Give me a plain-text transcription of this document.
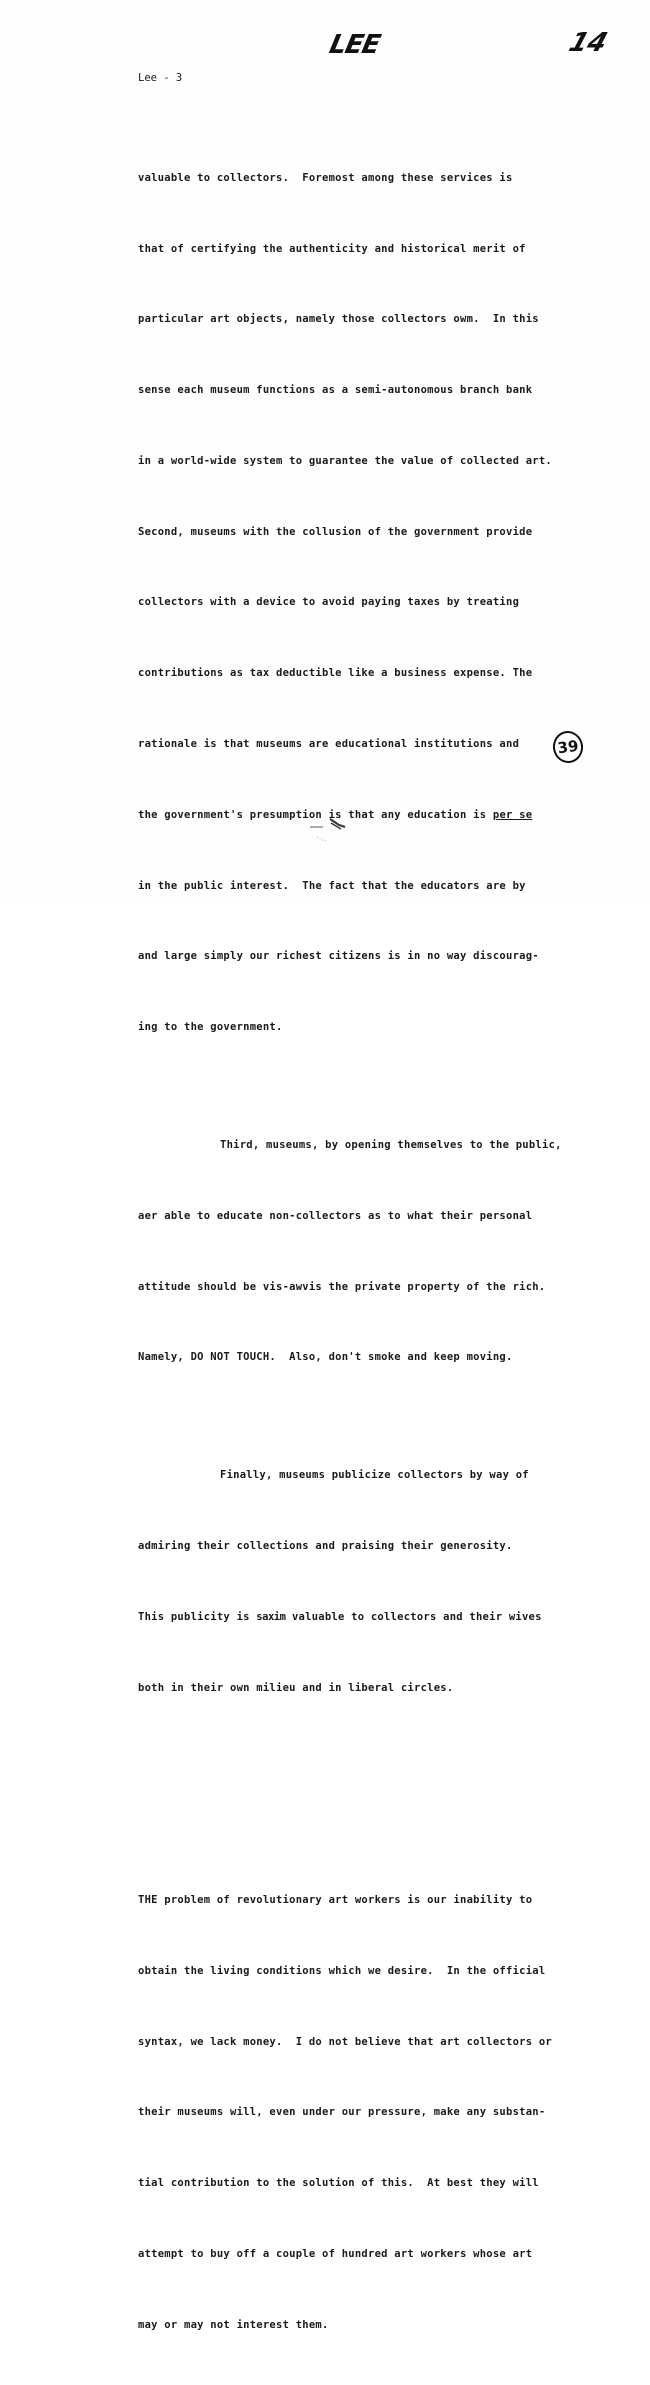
LEE	14
Lee - 3

valuable to collectors.  Foremost among these services is

that of certifying the authenticity and historical merit of

particular art objects, namely those collectors owm.  In this

sense each museum functions as a semi-autonomous branch bank

in a world-wide system to guarantee the value of collected art.

Second, museums with the collusion of the government provide

collectors with a device to avoid paying taxes by treating

contributions as tax deductible like a business expense. The

rationale is that museums are educational institutions and

the government's presumption is that any education is per se

in the public interest.  The fact that the educators are by

and large simply our richest citizens is in no way discourag-

ing to the government.

Third, museums, by opening themselves to the public,

aer able to educate non-collectors as to what their personal

attitude should be vis-awvis the private property of the rich.

Namely, DO NOT TOUCH.  Also, don't smoke and keep moving.

Finally, museums publicize collectors by way of

admiring their collections and praising their generosity.

This publicity is saxim valuable to collectors and their wives

both in their own milieu and in liberal circles.

THE problem of revolutionary art workers is our inability to

obtain the living conditions which we desire.  In the official

syntax, we lack money.  I do not believe that art collectors or

their museums will, even under our pressure, make any substan-

tial contribution to the solution of this.  At best they will

attempt to buy off a couple of hundred art workers whose art

may or may not interest them.

39
